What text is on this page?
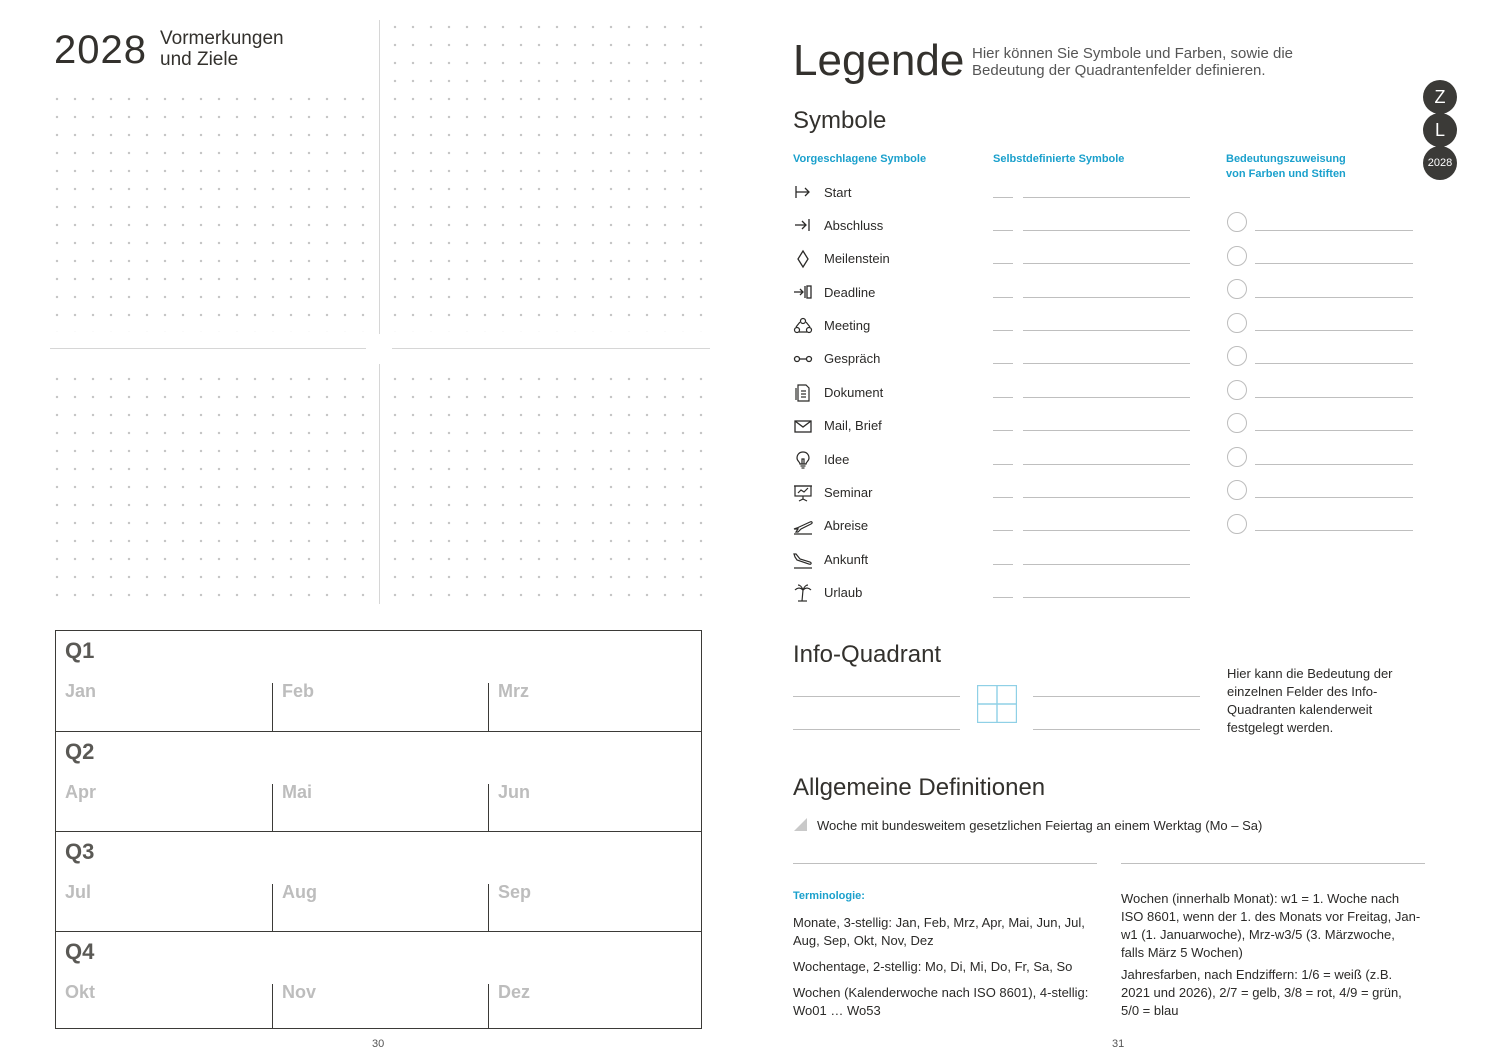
2028 Vormerkungen
und Ziele
Q1
Jan	Feb	Mrz
Q2
Apr	Mai	Jun
Q3
Jul	Aug	Sep
Q4
Okt	Nov	Dez
30
Legende Hier können Sie Symbole und Farben, sowie die Bedeutung der Quadrantenfelder definieren.
Z
L
2028
Symbole
Vorgeschlagene Symbole	Selbstdefinierte Symbole	Bedeutungszuweisung
von Farben und Stiften
Start
Abschluss
Meilenstein
Deadline
Meeting
Gespräch
Dokument
Mail, Brief
Idee
Seminar
Abreise
Ankunft
Urlaub
Info-Quadrant
Hier kann die Bedeutung der einzelnen Felder des Info-Quadranten kalenderweit festgelegt werden.
Allgemeine Definitionen
Woche mit bundesweitem gesetzlichen Feiertag an einem Werktag (Mo – Sa)
Terminologie:
Monate, 3-stellig: Jan, Feb, Mrz, Apr, Mai, Jun, Jul, Aug, Sep, Okt, Nov, Dez
Wochentage, 2-stellig: Mo, Di, Mi, Do, Fr, Sa, So
Wochen (Kalenderwoche nach ISO 8601), 4-stellig: Wo01 … Wo53
Wochen (innerhalb Monat): w1 = 1. Woche nach ISO 8601, wenn der 1. des Monats vor Freitag, Jan-w1 (1. Januarwoche), Mrz-w3/5 (3. Märzwoche, falls März 5 Wochen)
Jahresfarben, nach Endziffern: 1/6 = weiß (z.B. 2021 und 2026), 2/7 = gelb, 3/8 = rot, 4/9 = grün, 5/0 = blau
31
